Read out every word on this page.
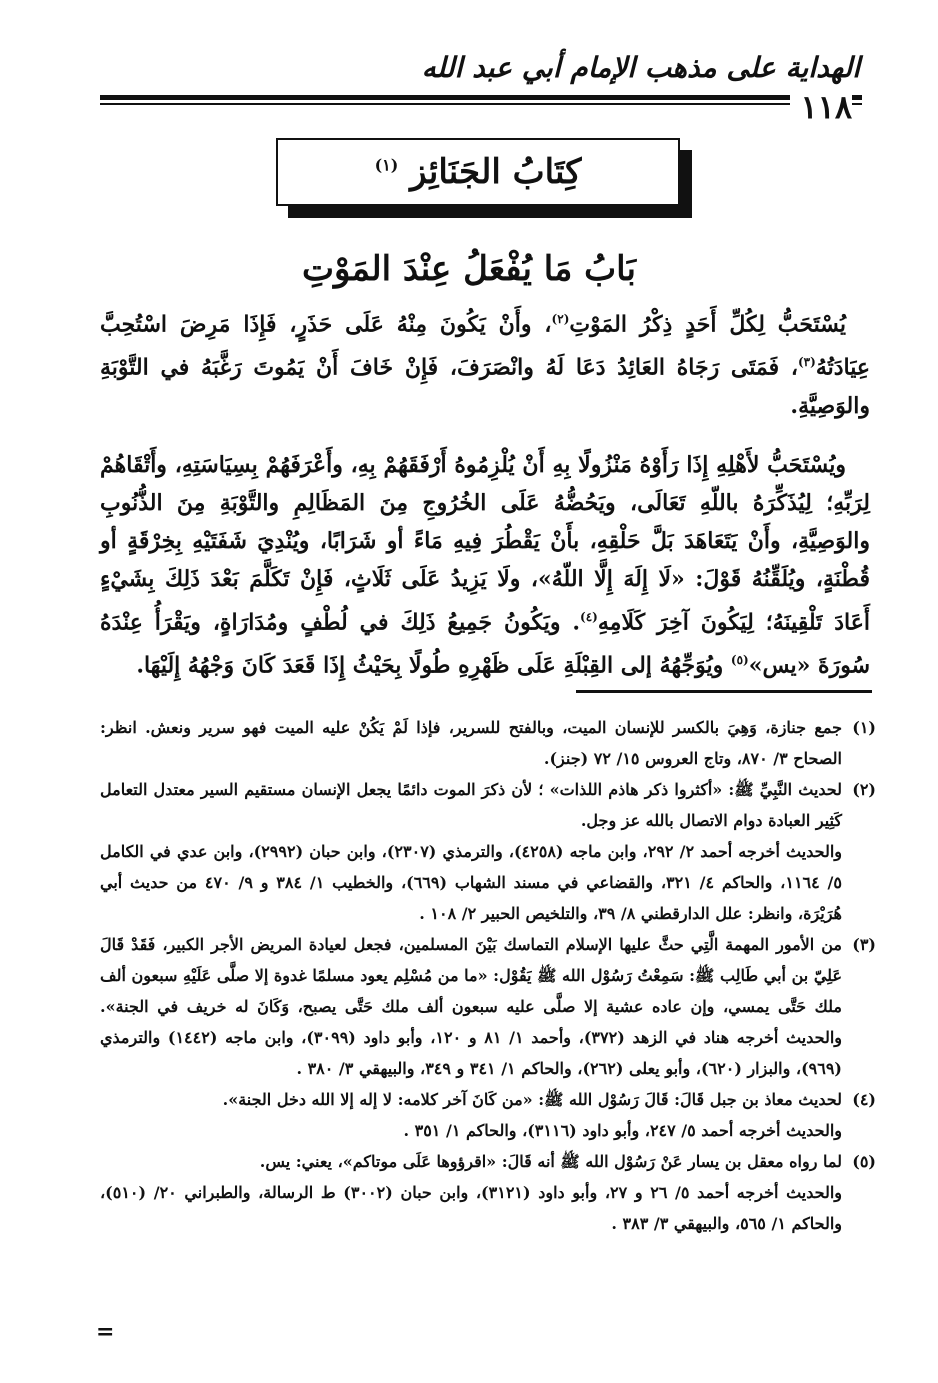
الهداية على مذهب الإمام أبي عبد الله
١١٨
كِتَابُ الجَنَائِز $^{(١)}$
بَابُ مَا يُفْعَلُ عِنْدَ المَوْتِ

يُسْتَحَبُّ لِكُلِّ أَحَدٍ ذِكْرُ المَوْتِ$^{(٢)}$، وأَنْ يَكُونَ مِنْهُ عَلَى حَذَرٍ، فَإِذَا مَرِضَ اسْتُحِبَّ عِيَادَتُهُ$^{(٣)}$، فَمَتَى رَجَاهُ العَائِدُ دَعَا لَهُ وانْصَرَفَ، فَإِنْ خَافَ أَنْ يَمُوتَ رَغَّبَهُ في التَّوْبَةِ والوَصِيَّةِ.

ويُسْتَحَبُّ لأَهْلِهِ إِذَا رَأَوْهُ مَنْزُولًا بِهِ أَنْ يُلْزِمُوهُ أَرْفَقَهُمْ بِهِ، وأَعْرَفَهُمْ بِسِيَاسَتِهِ، وأَتْقَاهُمْ لِرَبِّهِ؛ لِيُذَكِّرَهُ باللّهِ تَعَالَى، ويَحُضُّهُ عَلَى الخُرُوجِ مِنَ المَظَالِمِ والتَّوْبَةِ مِنَ الذُّنُوبِ والوَصِيَّةِ، وأَنْ يَتَعَاهَدَ بَلَّ حَلْقِهِ، بأَنْ يَقْطُرَ فِيهِ مَاءً أو شَرَابًا، ويُنْدِيَ شَفَتَيْهِ بِخِرْقَةٍ أو قُطْنَةٍ، ويُلَقِّنُهُ قَوْلَ: «لَا إِلَهَ إِلَّا اللّهُ»، ولَا يَزِيدُ عَلَى ثَلَاثٍ، فَإِنْ تَكَلَّمَ بَعْدَ ذَلِكَ بِشَيْءٍ أَعَادَ تَلْقِينَهُ؛ لِيَكُونَ آخِرَ كَلَامِهِ$^{(٤)}$. ويَكُونُ جَمِيعُ ذَلِكَ في لُطْفٍ ومُدَارَاةٍ، ويَقْرَأُ عِنْدَهُ سُورَةَ «يس»$^{(٥)}$ ويُوَجِّهُهُ إلى القِبْلَةِ عَلَى ظَهْرِهِ طُولًا بِحَيْثُ إِذَا قَعَدَ كَانَ وَجْهُهُ إِلَيْهَا.

(١)

جمع جنازة، وَهِيَ بالكسر للإنسان الميت، وبالفتح للسرير، فإذا لَمْ يَكُنْ عليه الميت فهو سرير ونعش. انظر: الصحاح ٣/ ٨٧٠، وتاج العروس ١٥/ ٧٢ (جنز).

(٢)

لحديث النَّبِيِّ ﷺ: «أكثروا ذكر هاذم اللذات» ؛ لأن ذكرَ الموت دائمًا يجعل الإنسان مستقيم السير معتدل التعامل كَثِير العبادة دوام الاتصال بالله عز وجل.

والحديث أخرجه أحمد ٢/ ٢٩٢، وابن ماجه (٤٢٥٨)، والترمذي (٢٣٠٧)، وابن حبان (٢٩٩٢)، وابن عدي في الكامل ٥/ ١١٦٤، والحاكم ٤/ ٣٢١، والقضاعي في مسند الشهاب (٦٦٩)، والخطيب ١/ ٣٨٤ و ٩/ ٤٧٠ من حديث أبي هُرَيْرَة، وانظر: علل الدارقطني ٨/ ٣٩، والتلخيص الحبير ٢/ ١٠٨ .

(٣)

من الأمور المهمة الَّتِي حثَّ عليها الإسلام التماسك بَيْنَ المسلمين، فجعل لعيادة المريض الأجر الكبير، فَقَدْ قَالَ عَلِيّ بن أبي طَالِب ﷺ: سَمِعْتُ رَسُوْل الله ﷺ يَقُوْل: «ما من مُسْلِم يعود مسلمًا غدوة إلا صلَّى عَلَيْهِ سبعون ألف ملك حَتَّى يمسي، وإن عاده عشية إلا صلَّى عليه سبعون ألف ملك حَتَّى يصبح، وَكَانَ له خريف في الجنة». والحديث أخرجه هناد في الزهد (٣٧٢)، وأحمد ١/ ٨١ و ١٢٠، وأبو داود (٣٠٩٩)، وابن ماجه (١٤٤٢) والترمذي (٩٦٩)، والبزار (٦٢٠)، وأبو يعلى (٢٦٢)، والحاكم ١/ ٣٤١ و ٣٤٩، والبيهقي ٣/ ٣٨٠ .

(٤)

لحديث معاذ بن جبل قَالَ: قَالَ رَسُوْل الله ﷺ: «من كَانَ آخر كلامه: لا إله إلا الله دخل الجنة».

والحديث أخرجه أحمد ٥/ ٢٤٧، وأبو داود (٣١١٦)، والحاكم ١/ ٣٥١ .

(٥)

لما رواه معقل بن يسار عَنْ رَسُوْل الله ﷺ أنه قَالَ: «اقرؤوها عَلَى موتاكم»، يعني: يس.

والحديث أخرجه أحمد ٥/ ٢٦ و ٢٧، وأبو داود (٣١٢١)، وابن حبان (٣٠٠٢) ط الرسالة، والطبراني ٢٠/ (٥١٠)، والحاكم ١/ ٥٦٥، والبيهقي ٣/ ٣٨٣ .

=
